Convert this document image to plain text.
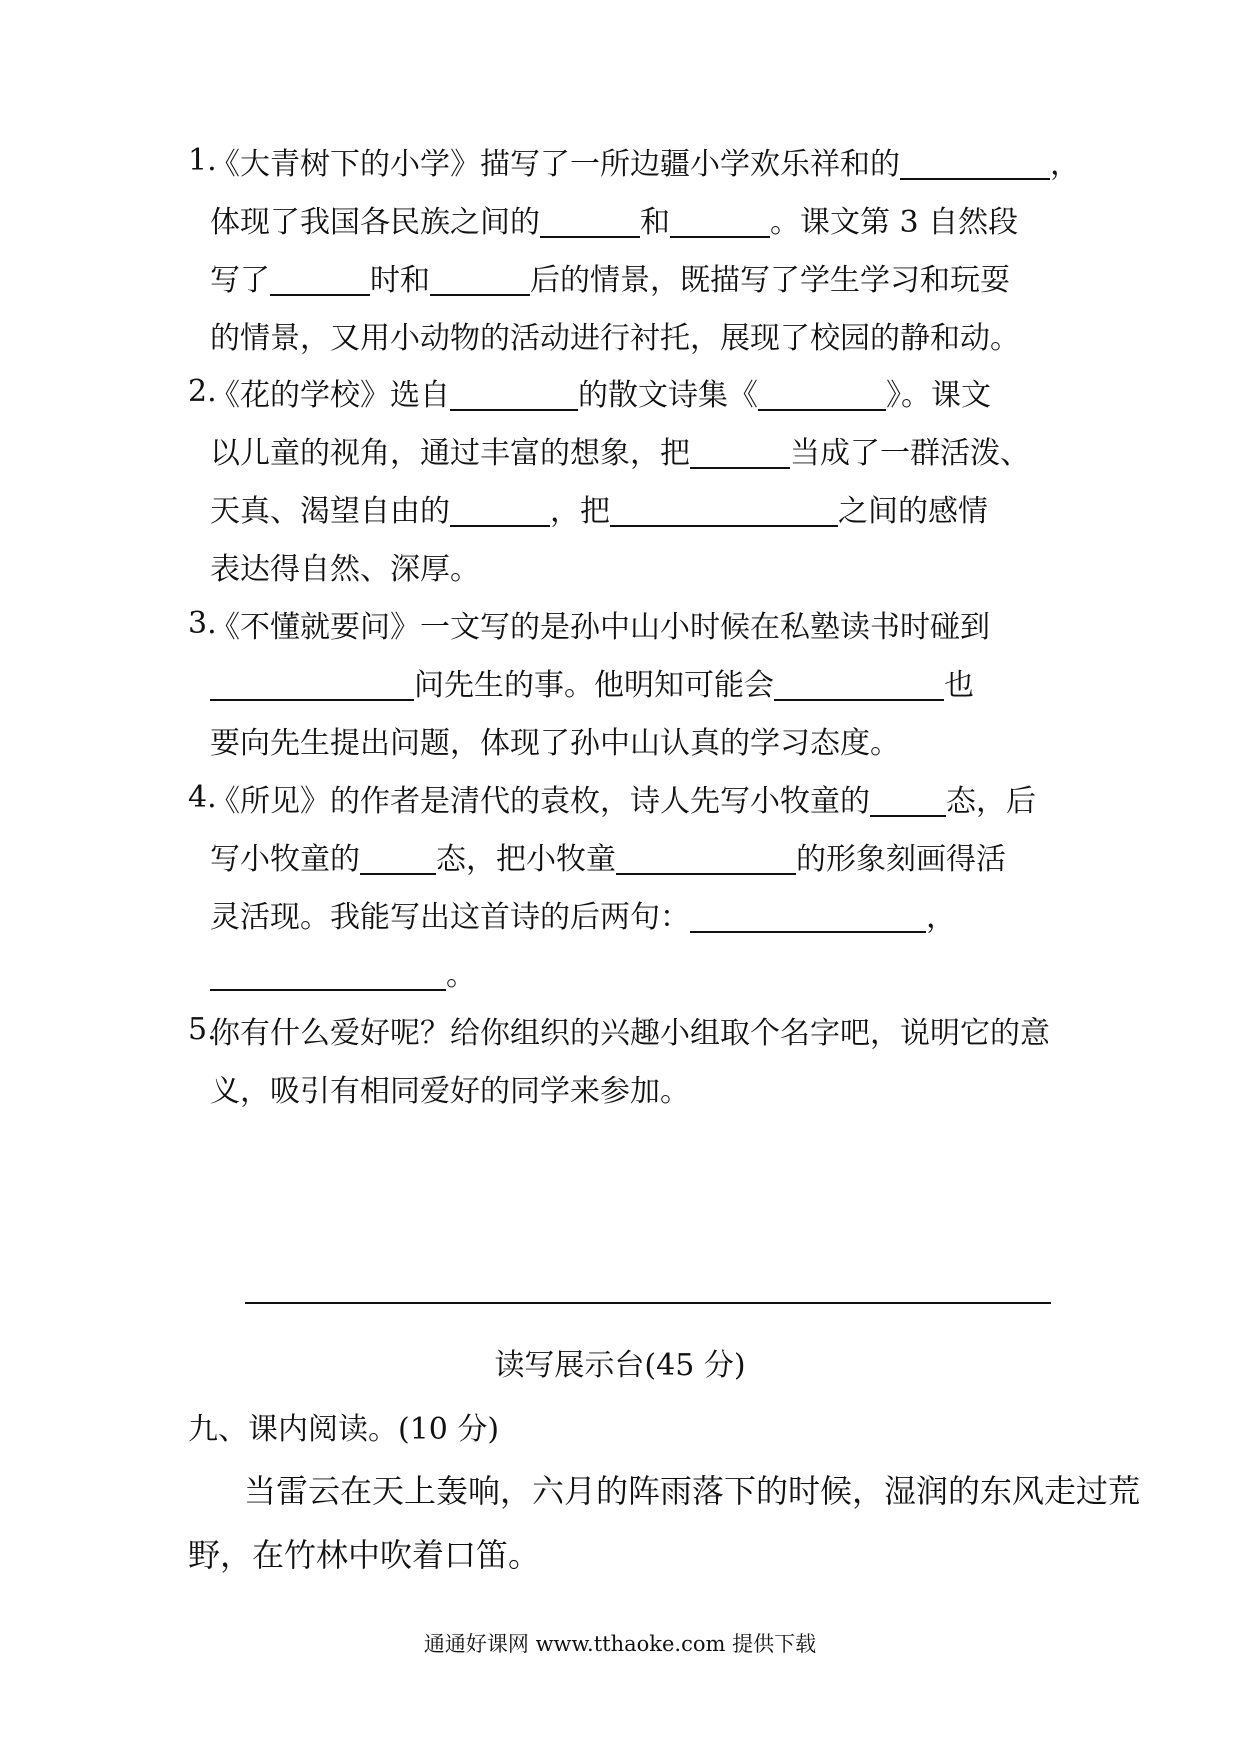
1.
《大青树下的小学》描写了一所边疆小学欢乐祥和的	，
体现了我国各民族之间的	和	。课文第 3 自然段
写了	时和	后的情景，既描写了学生学习和玩耍
的情景，又用小动物的活动进行衬托，展现了校园的静和动。
2.
《花的学校》选自	的散文诗集《	》。课文
以儿童的视角，通过丰富的想象，把	当成了一群活泼、
天真、渴望自由的	，把	之间的感情
表达得自然、深厚。
3.
《不懂就要问》一文写的是孙中山小时候在私塾读书时碰到
问先生的事。他明知可能会	也
要向先生提出问题，体现了孙中山认真的学习态度。
4.
《所见》的作者是清代的袁枚，诗人先写小牧童的	态，后
写小牧童的	态，把小牧童	的形象刻画得活
灵活现。我能写出这首诗的后两句：	，
。
5.
你有什么爱好呢？给你组织的兴趣小组取个名字吧，说明它的意
义，吸引有相同爱好的同学来参加。
读写展示台(45 分)
九、课内阅读。(10 分)
当雷云在天上轰响，六月的阵雨落下的时候，湿润的东风走过荒
野，在竹林中吹着口笛。
通通好课网 www.tthaoke.com 提供下载
